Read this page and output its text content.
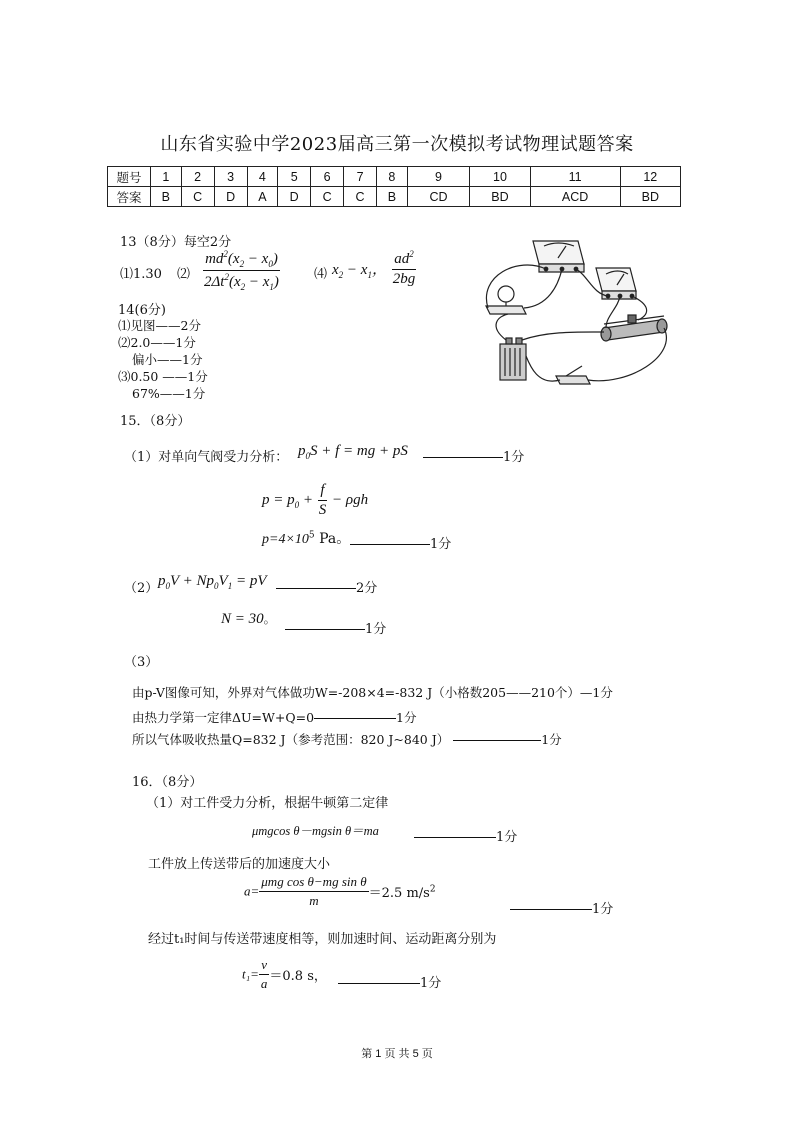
山东省实验中学2023届高三第一次模拟考试物理试题答案
题号	1	2	3	4	5	6	7	8	9	10	11	12
答案	B	C	D	A	D	C	C	B	CD	BD	ACD	BD
13（8分）每空2分
⑴1.30 ⑵ $\frac{md^2(x_2 - x_0)}{2\Delta t^2(x_2 - x_1)}$	⑷ $x_2 - x_1$， $\frac{ad^2}{2bg}$
14(6分)
⑴见图——2分
⑵2.0——1分
偏小——1分
⑶0.50 ——1分
67%——1分
15．（8分）
（1）对单向气阀受力分析： $p_0S + f$ = mg + pS	1分
$p = p_0 + \frac{f}{S} - \rho gh$
$p=4\times 10^5$ Pa。	1分
（2） $p_0V + Np_0V_1$ = pV	2分
N = 30。
1分
（3）
由p-V图像可知，外界对气体做功W=-208×4=-832 J（小格数205——210个）—1分
由热力学第一定律ΔU=W+Q=0	1分
所以气体吸收热量Q=832 J（参考范围：820 J~840 J）	1分
16．（8分）
（1）对工件受力分析，根据牛顿第二定律
μmgcos θ－mgsin θ＝ma	1分
工件放上传送带后的加速度大小
$a= \frac{\text{μmg cos θ−mg sin θ}}{m} =2.5$ $m/s^2$
1分
经过t₁时间与传送带速度相等，则加速时间、运动距离分别为
$t_1= \frac{v}{a} =0.8$ s，	1分
第 1 页 共 5 页
